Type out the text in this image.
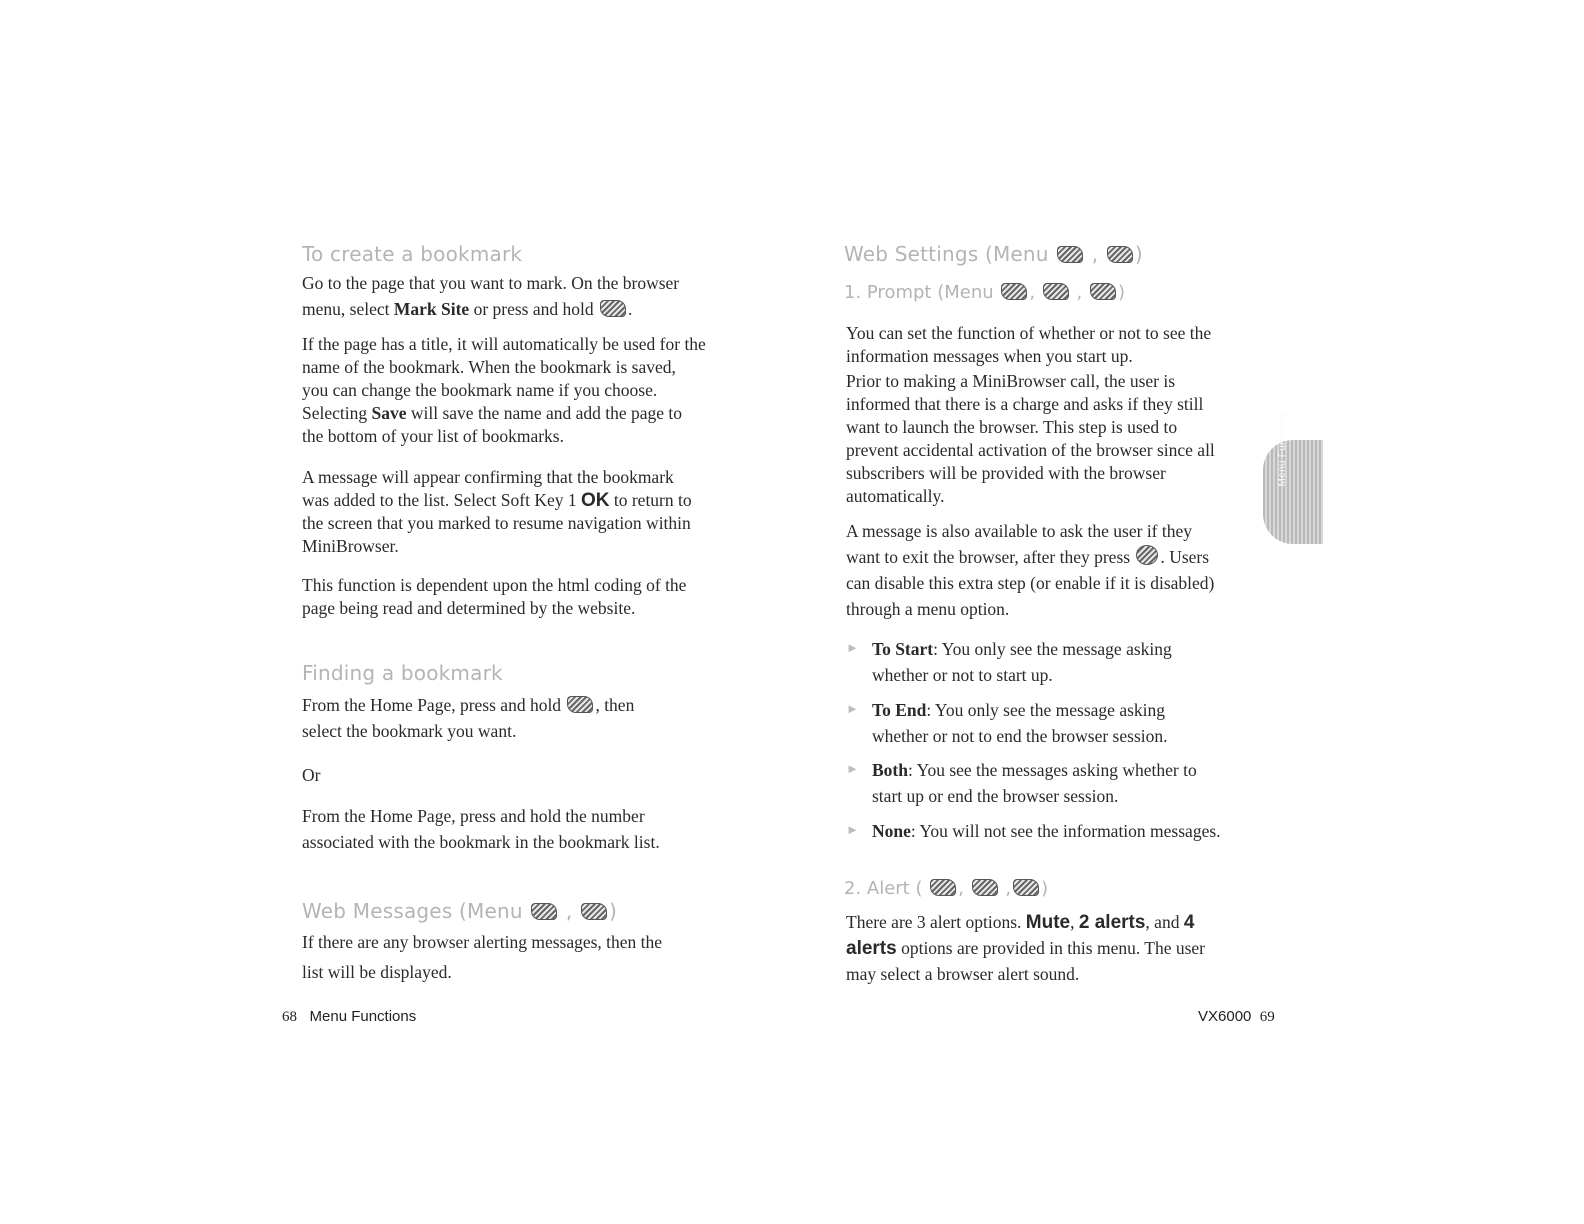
To create a bookmark
Go to the page that you want to mark. On the browser
menu, select Mark Site or press and hold .
If the page has a title, it will automatically be used for the
name of the bookmark. When the bookmark is saved,
you can change the bookmark name if you choose.
Selecting Save will save the name and add the page to
the bottom of your list of bookmarks.
A message will appear confirming that the bookmark
was added to the list. Select Soft Key 1 OK to return to
the screen that you marked to resume navigation within
MiniBrowser.
This function is dependent upon the html coding of the
page being read and determined by the website.
Finding a bookmark
From the Home Page, press and hold , then
select the bookmark you want.
Or
From the Home Page, press and hold the number
associated with the bookmark in the bookmark list.
Web Messages (Menu  , )
If there are any browser alerting messages, then the
list will be displayed.
68 Menu Functions
Web Settings (Menu  , )
1. Prompt (Menu ,  , )
You can set the function of whether or not to see the
information messages when you start up.
Prior to making a MiniBrowser call, the user is
informed that there is a charge and asks if they still
want to launch the browser. This step is used to
prevent accidental activation of the browser since all
subscribers will be provided with the browser
automatically.
A message is also available to ask the user if they
want to exit the browser, after they press . Users
can disable this extra step (or enable if it is disabled)
through a menu option.
► To Start: You only see the message asking
whether or not to start up.
► To End: You only see the message asking
whether or not to end the browser session.
► Both: You see the messages asking whether to
start up or end the browser session.
► None: You will not see the information messages.
2. Alert ( ,  , )
There are 3 alert options. Mute, 2 alerts, and 4
alerts options are provided in this menu. The user
may select a browser alert sound.
VX6000 69
Menu Functions
